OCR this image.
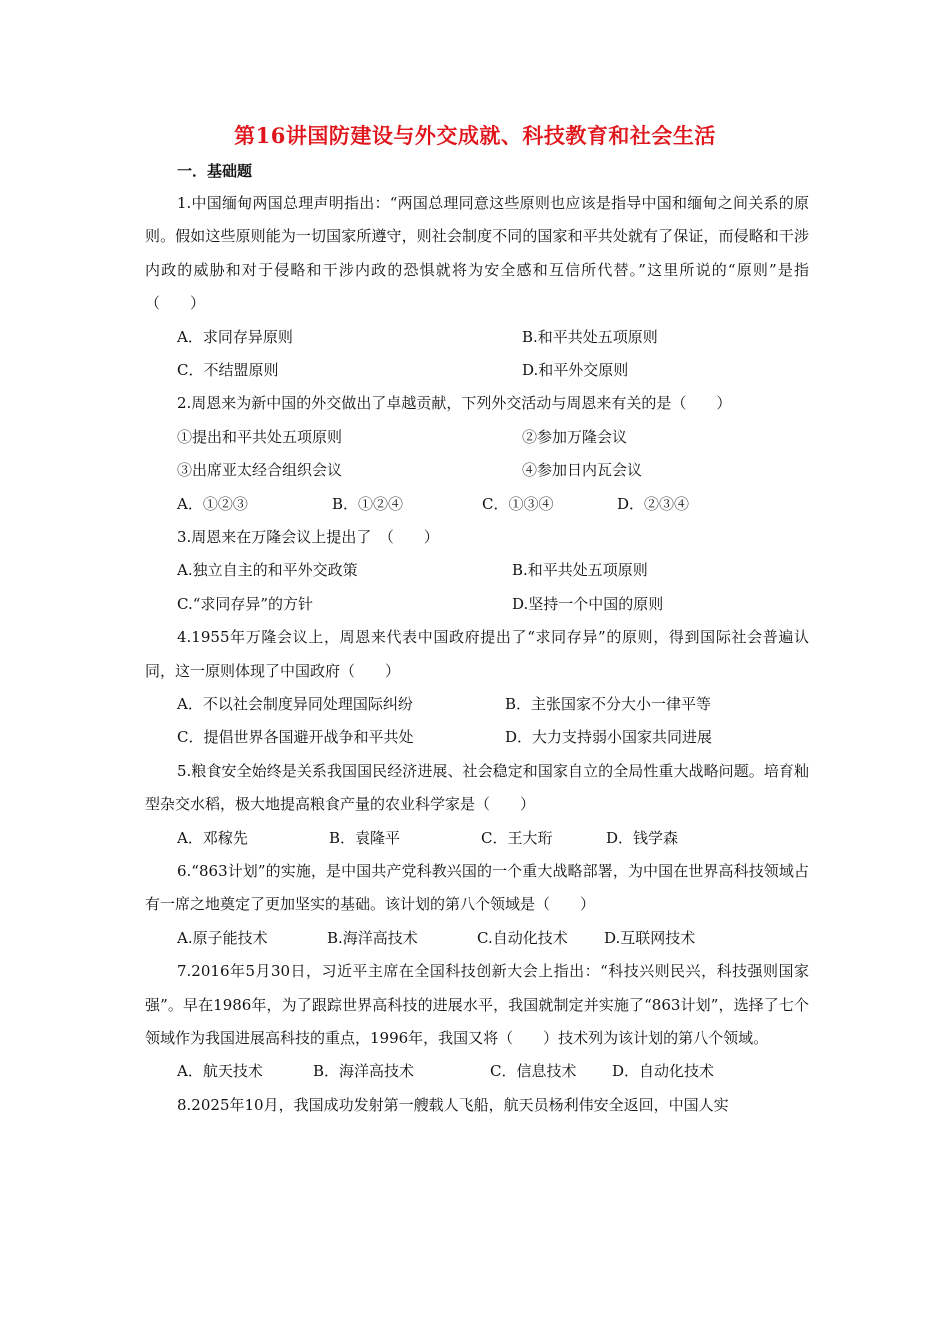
第16讲国防建设与外交成就、科技教育和社会生活
一．基础题

1.中国缅甸两国总理声明指出：“两国总理同意这些原则也应该是指导中国和缅甸之间关系的原则。假如这些原则能为一切国家所遵守，则社会制度不同的国家和平共处就有了保证，而侵略和干涉内政的威胁和对于侵略和干涉内政的恐惧就将为安全感和互信所代替。”这里所说的“原则”是指（　　）

A．求同存异原则	B.和平共处五项原则
C．不结盟原则	D.和平外交原则

2.周恩来为新中国的外交做出了卓越贡献，下列外交活动与周恩来有关的是（　　）

①提出和平共处五项原则	②参加万隆会议
③出席亚太经合组织会议	④参加日内瓦会议
A．①②③	B．①②④	C．①③④	D．②③④

3.周恩来在万隆会议上提出了　（　　）

A.独立自主的和平外交政策	B.和平共处五项原则
C.“求同存异”的方针	D.坚持一个中国的原则

4.1955年万隆会议上，周恩来代表中国政府提出了“求同存异”的原则，得到国际社会普遍认同，这一原则体现了中国政府（　　）

A．不以社会制度异同处理国际纠纷	B．主张国家不分大小一律平等
C．提倡世界各国避开战争和平共处	D．大力支持弱小国家共同进展

5.粮食安全始终是关系我国国民经济进展、社会稳定和国家自立的全局性重大战略问题。培育籼型杂交水稻，极大地提高粮食产量的农业科学家是（　　）

A．邓稼先	B．袁隆平	C．王大珩	D．钱学森

6.“863计划”的实施，是中国共产党科教兴国的一个重大战略部署，为中国在世界高科技领域占有一席之地奠定了更加坚实的基础。该计划的第八个领域是（　　）

A.原子能技术	B.海洋高技术	C.自动化技术	D.互联网技术

7.2016年5月30日，习近平主席在全国科技创新大会上指出：“科技兴则民兴，科技强则国家强”。早在1986年，为了跟踪世界高科技的进展水平，我国就制定并实施了“863计划”，选择了七个领域作为我国进展高科技的重点，1996年，我国又将（　　）技术列为该计划的第八个领域。

A．航天技术	B．海洋高技术	C．信息技术	D．自动化技术

8.2025年10月，我国成功发射第一艘载人飞船，航天员杨利伟安全返回，中国人实
